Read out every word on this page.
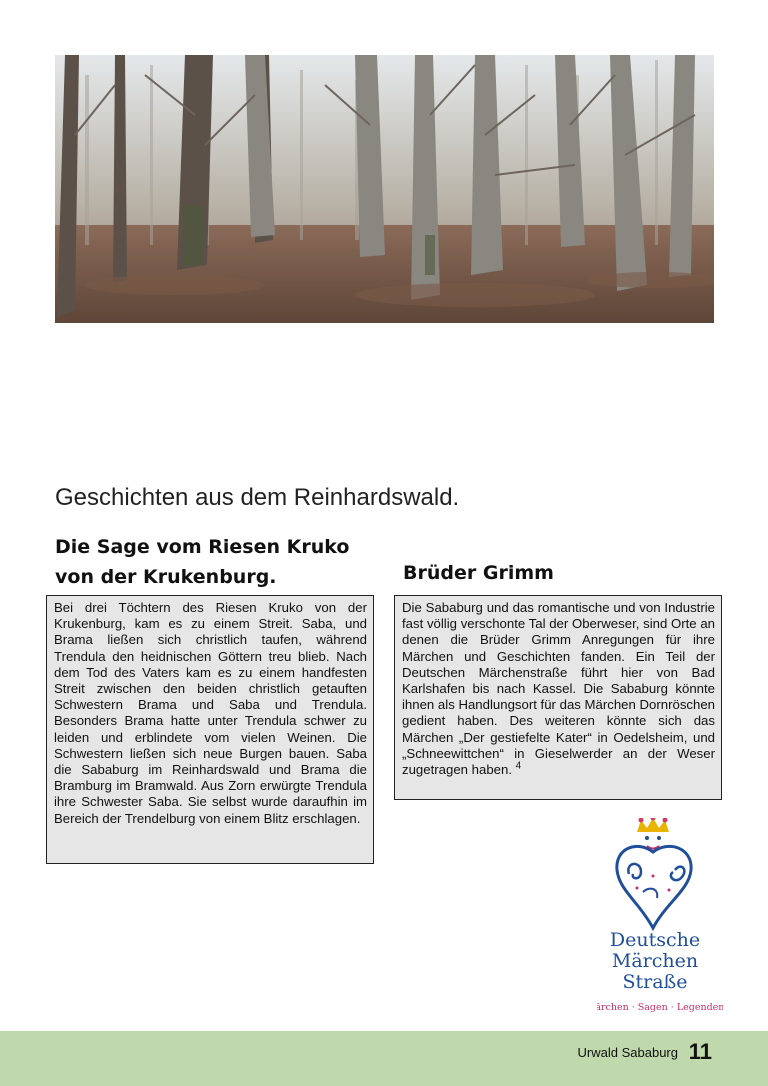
Geschichten aus dem Reinhardswald.
Die Sage vom Riesen Kruko
von der Krukenburg.	Brüder Grimm

Bei drei Töchtern des Riesen Kruko von der Krukenburg, kam es zu einem Streit. Saba, und Brama ließen sich christlich taufen, während Trendula den heidnischen Göttern treu blieb. Nach dem Tod des Vaters kam es zu einem handfesten Streit zwischen den beiden christlich getauften Schwestern Brama und Saba und Trendula. Besonders Brama hatte unter Trendula schwer zu leiden und erblindete vom vielen Weinen. Die Schwestern ließen sich neue Burgen bauen. Saba die Sababurg im Reinhardswald und Brama die Bramburg im Bramwald. Aus Zorn erwürgte Trendula ihre Schwester Saba. Sie selbst wurde daraufhin im Bereich der Trendelburg von einem Blitz erschlagen.

Die Sababurg und das romantische und von Industrie fast völlig verschonte Tal der Oberweser, sind Orte an denen die Brüder Grimm Anregungen für ihre Märchen und Geschichten fanden. Ein Teil der Deutschen Märchenstraße führt hier von Bad Karlshafen bis nach Kassel. Die Sababurg könnte ihnen als Handlungsort für das Märchen Dornröschen gedient haben. Des weiteren könnte sich das Märchen „Der gestiefelte Kater“ in Oedelsheim, und „Schneewittchen“ in Gieselwerder an der Weser zugetragen haben. $^4$

Deutsche
Märchen
Straße
Märchen · Sagen · Legenden
Urwald Sababurg 11
